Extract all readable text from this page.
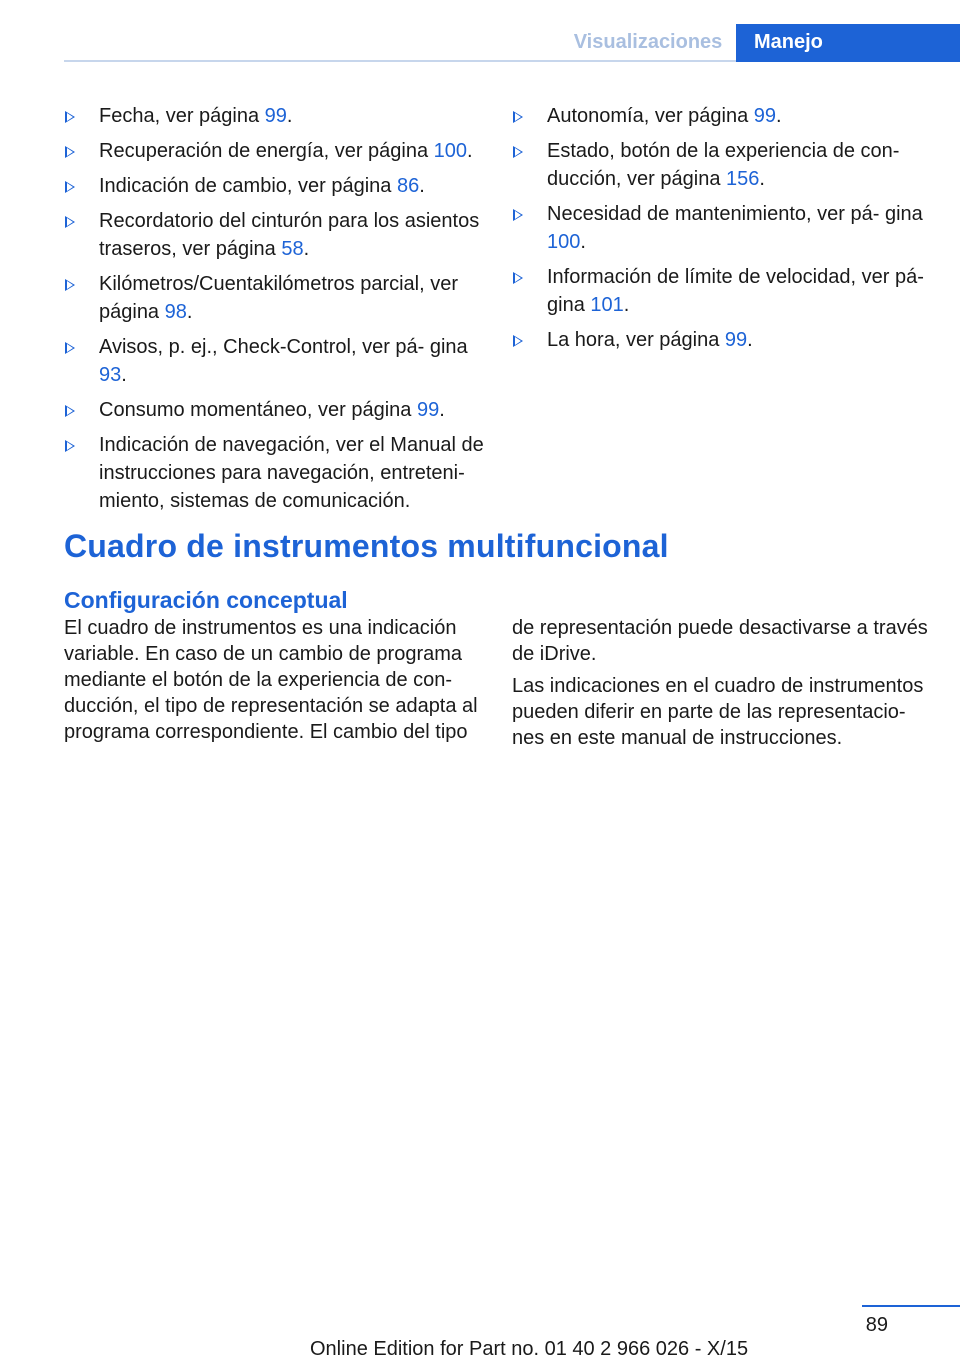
Visualizaciones	Manejo
Fecha, ver página 99.
Recuperación de energía, ver página 100.
Indicación de cambio, ver página 86.
Recordatorio del cinturón para los asientos traseros, ver página 58.
Kilómetros/Cuentakilómetros parcial, ver página 98.
Avisos, p. ej., Check-Control, ver pá‐ gina 93.
Consumo momentáneo, ver página 99.
Indicación de navegación, ver el Manual de instrucciones para navegación, entreteni‐ miento, sistemas de comunicación.
Autonomía, ver página 99.
Estado, botón de la experiencia de con‐ ducción, ver página 156.
Necesidad de mantenimiento, ver pá‐ gina 100.
Información de límite de velocidad, ver pá‐ gina 101.
La hora, ver página 99.
Cuadro de instrumentos multifuncional
Configuración conceptual

El cuadro de instrumentos es una indicación variable. En caso de un cambio de programa mediante el botón de la experiencia de con‐ ducción, el tipo de representación se adapta al programa correspondiente. El cambio del tipo

de representación puede desactivarse a través de iDrive.

Las indicaciones en el cuadro de instrumentos pueden diferir en parte de las representacio‐ nes en este manual de instrucciones.

89
Online Edition for Part no. 01 40 2 966 026 - X/15
